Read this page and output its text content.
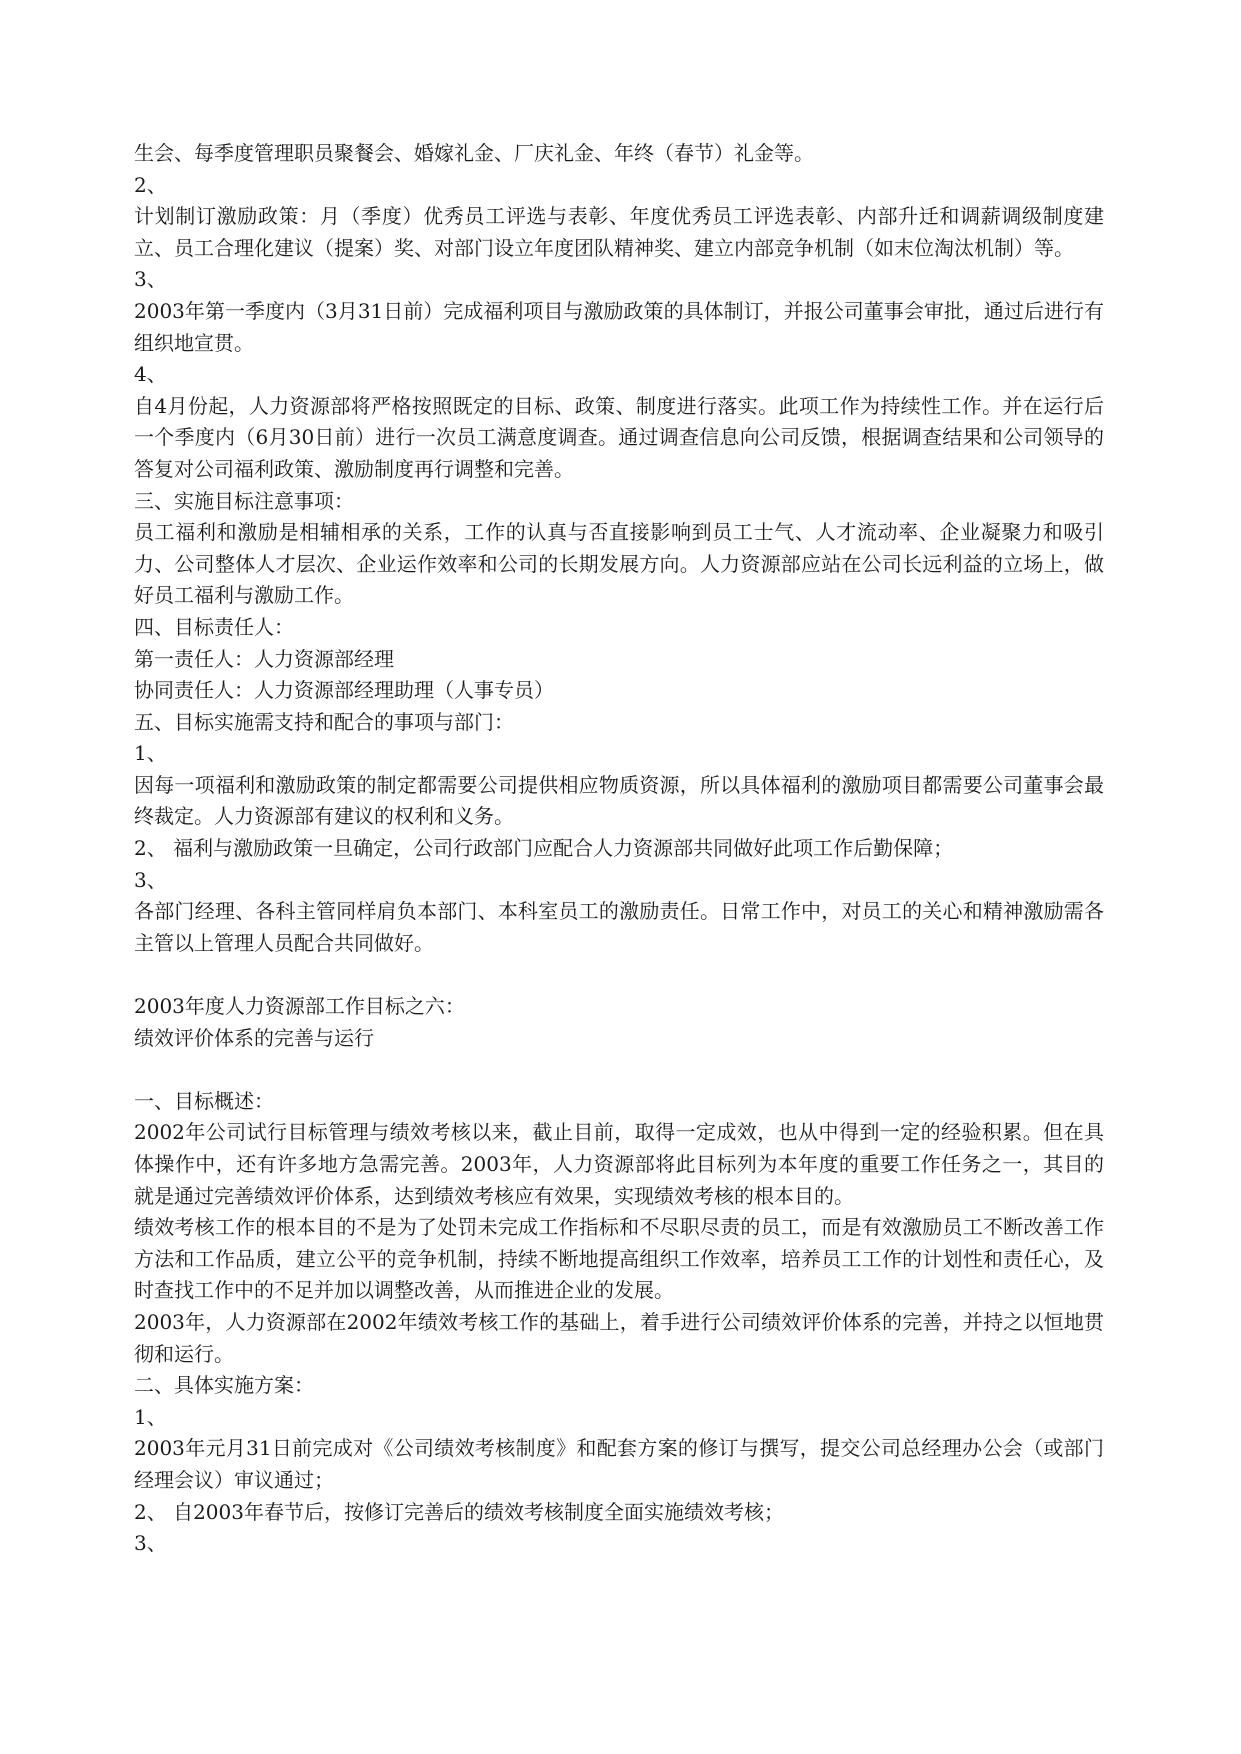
生会、每季度管理职员聚餐会、婚嫁礼金、厂庆礼金、年终（春节）礼金等。

2、

计划制订激励政策：月（季度）优秀员工评选与表彰、年度优秀员工评选表彰、内部升迁和调薪调级制度建立、员工合理化建议（提案）奖、对部门设立年度团队精神奖、建立内部竞争机制（如末位淘汰机制）等。

3、

2003年第一季度内（3月31日前）完成福利项目与激励政策的具体制订，并报公司董事会审批，通过后进行有组织地宣贯。

4、

自4月份起，人力资源部将严格按照既定的目标、政策、制度进行落实。此项工作为持续性工作。并在运行后一个季度内（6月30日前）进行一次员工满意度调查。通过调查信息向公司反馈，根据调查结果和公司领导的答复对公司福利政策、激励制度再行调整和完善。

三、实施目标注意事项：

员工福利和激励是相辅相承的关系，工作的认真与否直接影响到员工士气、人才流动率、企业凝聚力和吸引力、公司整体人才层次、企业运作效率和公司的长期发展方向。人力资源部应站在公司长远利益的立场上，做好员工福利与激励工作。

四、目标责任人：

第一责任人：人力资源部经理

协同责任人：人力资源部经理助理（人事专员）

五、目标实施需支持和配合的事项与部门：

1、

因每一项福利和激励政策的制定都需要公司提供相应物质资源，所以具体福利的激励项目都需要公司董事会最终裁定。人力资源部有建议的权利和义务。

2、 福利与激励政策一旦确定，公司行政部门应配合人力资源部共同做好此项工作后勤保障；

3、

各部门经理、各科主管同样肩负本部门、本科室员工的激励责任。日常工作中，对员工的关心和精神激励需各主管以上管理人员配合共同做好。

2003年度人力资源部工作目标之六：

绩效评价体系的完善与运行

一、目标概述：

2002年公司试行目标管理与绩效考核以来，截止目前，取得一定成效，也从中得到一定的经验积累。但在具体操作中，还有许多地方急需完善。2003年，人力资源部将此目标列为本年度的重要工作任务之一，其目的就是通过完善绩效评价体系，达到绩效考核应有效果，实现绩效考核的根本目的。

绩效考核工作的根本目的不是为了处罚未完成工作指标和不尽职尽责的员工，而是有效激励员工不断改善工作方法和工作品质，建立公平的竞争机制，持续不断地提高组织工作效率，培养员工工作的计划性和责任心，及时查找工作中的不足并加以调整改善，从而推进企业的发展。

2003年，人力资源部在2002年绩效考核工作的基础上，着手进行公司绩效评价体系的完善，并持之以恒地贯彻和运行。

二、具体实施方案：

1、

2003年元月31日前完成对《公司绩效考核制度》和配套方案的修订与撰写，提交公司总经理办公会（或部门经理会议）审议通过；

2、 自2003年春节后，按修订完善后的绩效考核制度全面实施绩效考核；

3、
